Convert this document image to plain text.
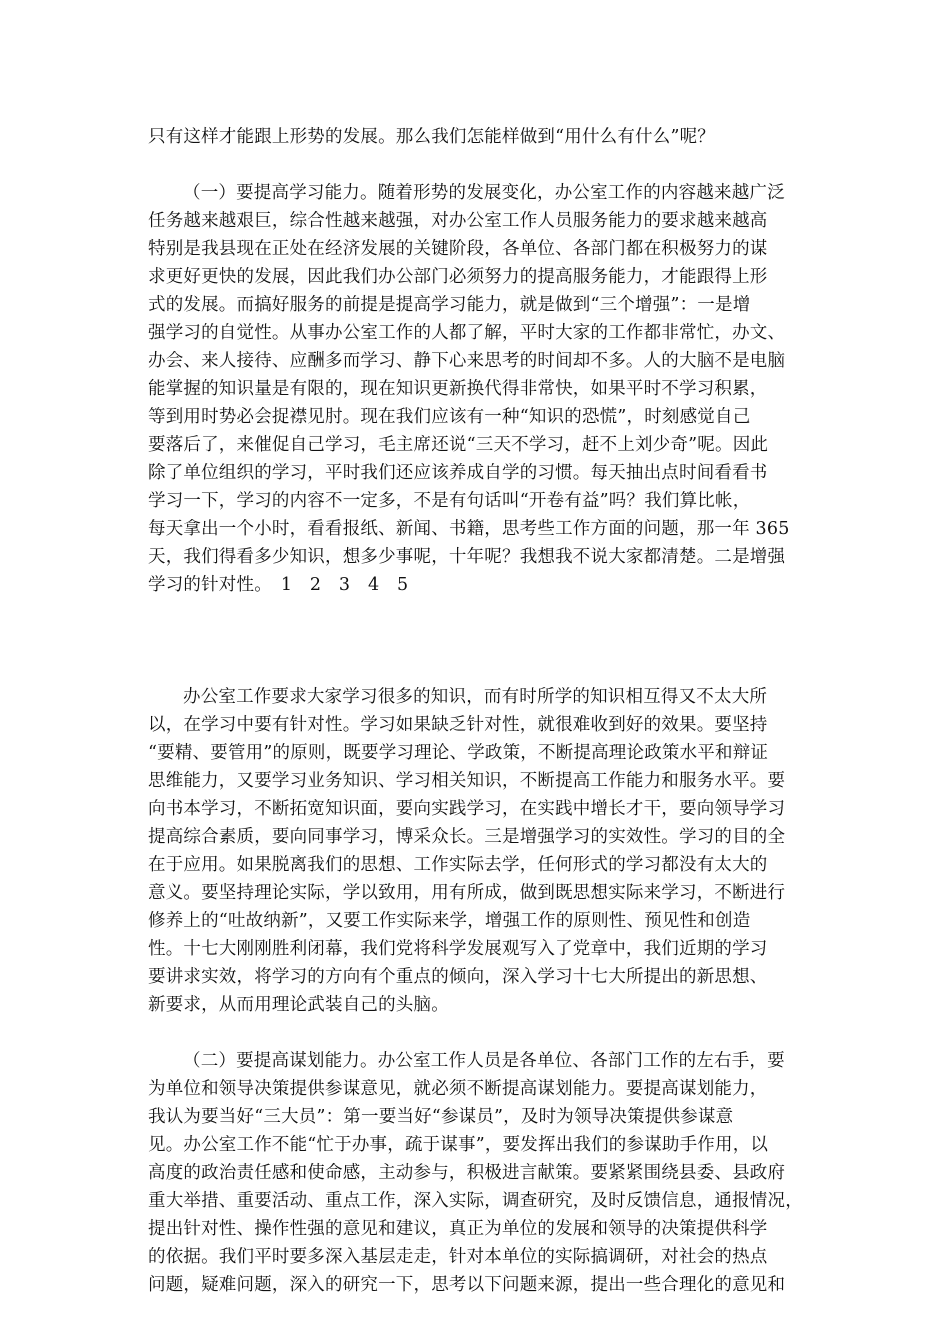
只有这样才能跟上形势的发展。那么我们怎能样做到“用什么有什么”呢？
（一）要提高学习能力。随着形势的发展变化，办公室工作的内容越来越广泛
任务越来越艰巨，综合性越来越强，对办公室工作人员服务能力的要求越来越高
特别是我县现在正处在经济发展的关键阶段，各单位、各部门都在积极努力的谋
求更好更快的发展，因此我们办公部门必须努力的提高服务能力，才能跟得上形
式的发展。而搞好服务的前提是提高学习能力，就是做到“三个增强”：一是增
强学习的自觉性。从事办公室工作的人都了解，平时大家的工作都非常忙，办文、
办会、来人接待、应酬多而学习、静下心来思考的时间却不多。人的大脑不是电脑
能掌握的知识量是有限的，现在知识更新换代得非常快，如果平时不学习积累，
等到用时势必会捉襟见肘。现在我们应该有一种“知识的恐慌”，时刻感觉自己
要落后了，来催促自己学习，毛主席还说“三天不学习，赶不上刘少奇”呢。因此
除了单位组织的学习，平时我们还应该养成自学的习惯。每天抽出点时间看看书
学习一下，学习的内容不一定多，不是有句话叫“开卷有益”吗？我们算比帐，
每天拿出一个小时，看看报纸、新闻、书籍，思考些工作方面的问题，那一年 365
天，我们得看多少知识，想多少事呢，十年呢？我想我不说大家都清楚。二是增强
学习的针对性。　1　2　3　4　5
办公室工作要求大家学习很多的知识，而有时所学的知识相互得又不太大所
以，在学习中要有针对性。学习如果缺乏针对性，就很难收到好的效果。要坚持
“要精、要管用”的原则，既要学习理论、学政策，不断提高理论政策水平和辩证
思维能力，又要学习业务知识、学习相关知识，不断提高工作能力和服务水平。要
向书本学习，不断拓宽知识面，要向实践学习，在实践中增长才干，要向领导学习
提高综合素质，要向同事学习，博采众长。三是增强学习的实效性。学习的目的全
在于应用。如果脱离我们的思想、工作实际去学，任何形式的学习都没有太大的
意义。要坚持理论实际，学以致用，用有所成，做到既思想实际来学习，不断进行
修养上的“吐故纳新”，又要工作实际来学，增强工作的原则性、预见性和创造
性。十七大刚刚胜利闭幕，我们党将科学发展观写入了党章中，我们近期的学习
要讲求实效，将学习的方向有个重点的倾向，深入学习十七大所提出的新思想、
新要求，从而用理论武装自己的头脑。
（二）要提高谋划能力。办公室工作人员是各单位、各部门工作的左右手，要
为单位和领导决策提供参谋意见，就必须不断提高谋划能力。要提高谋划能力，
我认为要当好“三大员”：第一要当好“参谋员”，及时为领导决策提供参谋意
见。办公室工作不能“忙于办事，疏于谋事”，要发挥出我们的参谋助手作用，以
高度的政治责任感和使命感，主动参与，积极进言献策。要紧紧围绕县委、县政府
重大举措、重要活动、重点工作，深入实际，调查研究，及时反馈信息，通报情况，
提出针对性、操作性强的意见和建议，真正为单位的发展和领导的决策提供科学
的依据。我们平时要多深入基层走走，针对本单位的实际搞调研，对社会的热点
问题，疑难问题，深入的研究一下，思考以下问题来源，提出一些合理化的意见和
